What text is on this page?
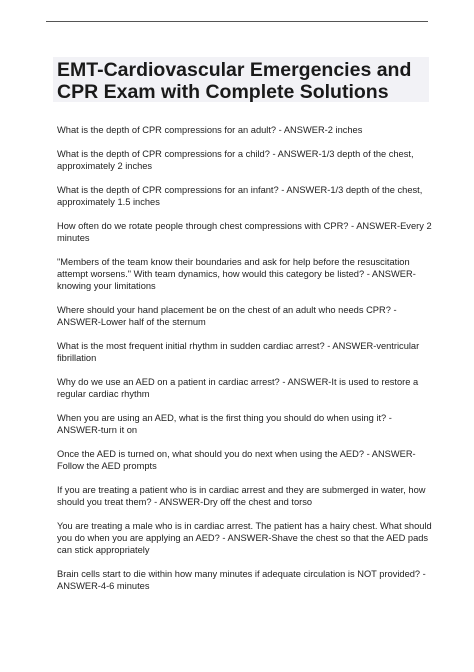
EMT-Cardiovascular Emergencies and CPR Exam with Complete Solutions
What is the depth of CPR compressions for an adult? - ANSWER-2 inches
What is the depth of CPR compressions for a child? - ANSWER-1/3 depth of the chest, approximately 2 inches
What is the depth of CPR compressions for an infant? - ANSWER-1/3 depth of the chest, approximately 1.5 inches
How often do we rotate people through chest compressions with CPR? - ANSWER-Every 2 minutes
"Members of the team know their boundaries and ask for help before the resuscitation attempt worsens." With team dynamics, how would this category be listed? - ANSWER-knowing your limitations
Where should your hand placement be on the chest of an adult who needs CPR? - ANSWER-Lower half of the sternum
What is the most frequent initial rhythm in sudden cardiac arrest? - ANSWER-ventricular fibrillation
Why do we use an AED on a patient in cardiac arrest? - ANSWER-It is used to restore a regular cardiac rhythm
When you are using an AED, what is the first thing you should do when using it? - ANSWER-turn it on
Once the AED is turned on, what should you do next when using the AED? - ANSWER-Follow the AED prompts
If you are treating a patient who is in cardiac arrest and they are submerged in water, how should you treat them? - ANSWER-Dry off the chest and torso
You are treating a male who is in cardiac arrest. The patient has a hairy chest. What should you do when you are applying an AED? - ANSWER-Shave the chest so that the AED pads can stick appropriately
Brain cells start to die within how many minutes if adequate circulation is NOT provided? - ANSWER-4-6 minutes
